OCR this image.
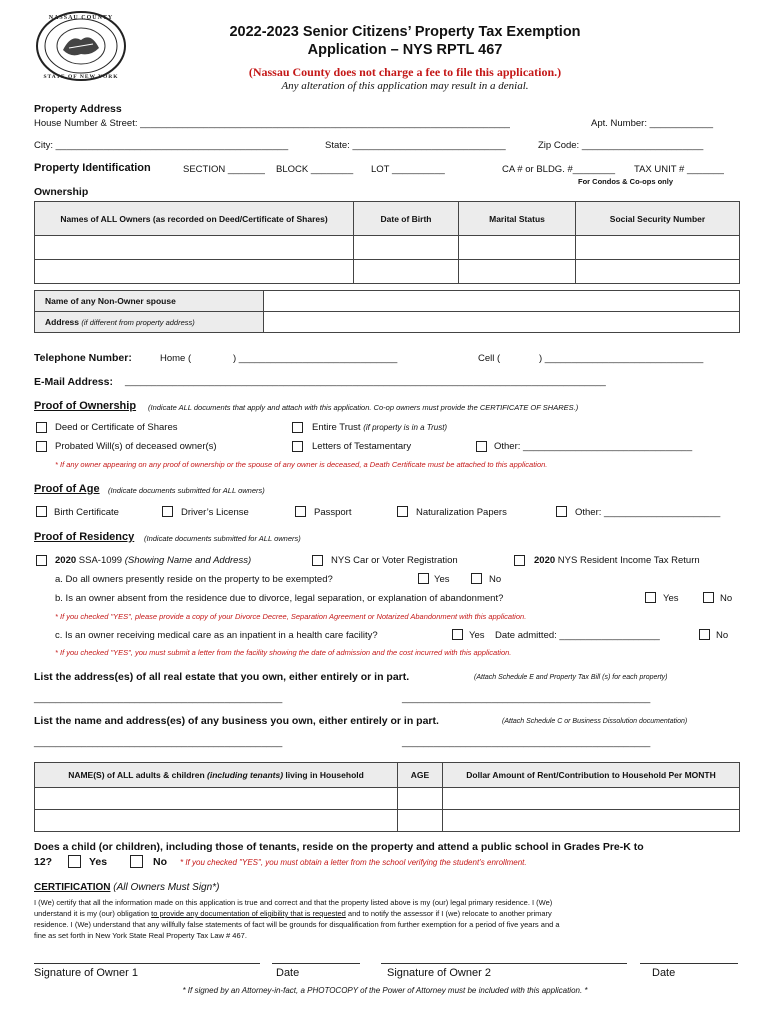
NASSAU COUNTY
STATE OF NEW YORK
2022-2023 Senior Citizens’ Property Tax Exemption
Application – NYS RPTL 467
(Nassau County does not charge a fee to file this application.)
Any alteration of this application may result in a denial.
Property Address
House Number & Street: ______________________________________________________________________	Apt. Number: ____________
City: ____________________________________________	State: _____________________________	Zip Code: _______________________
Property Identification	SECTION _______ BLOCK ________ LOT __________	CA # or BLDG. #________ TAX UNIT # _______
For Condos & Co-ops only
Ownership
Names of ALL Owners (as recorded on Deed/Certificate of Shares)	Date of Birth	Marital Status	Social Security Number

Name of any Non-Owner spouse	
Address (if different from property address)	
Telephone Number:	Home (	) ______________________________	Cell (	) ______________________________
E-Mail Address: ___________________________________________________________________________________________
Proof of Ownership (Indicate ALL documents that apply and attach with this application. Co-op owners must provide the CERTIFICATE OF SHARES.)
Deed or Certificate of Shares	Entire Trust (if property is in a Trust)
Probated Will(s) of deceased owner(s)	Letters of Testamentary	Other: ________________________________
* If any owner appearing on any proof of ownership or the spouse of any owner is deceased, a Death Certificate must be attached to this application.
Proof of Age (Indicate documents submitted for ALL owners)
Birth Certificate	Driver’s License	Passport	Naturalization Papers	Other: ______________________
Proof of Residency (Indicate documents submitted for ALL owners)
2020 SSA-1099 (Showing Name and Address)	NYS Car or Voter Registration	2020 NYS Resident Income Tax Return
a. Do all owners presently reside on the property to be exempted?	Yes	No
b. Is an owner absent from the residence due to divorce, legal separation, or explanation of abandonment?	Yes	No
* If you checked "YES", please provide a copy of your Divorce Decree, Separation Agreement or Notarized Abandonment with this application.
c. Is an owner receiving medical care as an inpatient in a health care facility?	Yes Date admitted: ___________________	No
* If you checked "YES", you must submit a letter from the facility showing the date of admission and the cost incurred with this application.
List the address(es) of all real estate that you own, either entirely or in part.	(Attach Schedule E and Property Tax Bill (s) for each property)
_______________________________________________	_______________________________________________
List the name and address(es) of any business you own, either entirely or in part.	(Attach Schedule C or Business Dissolution documentation)
_______________________________________________	_______________________________________________
NAME(S) of ALL adults & children (including tenants) living in Household	AGE	Dollar Amount of Rent/Contribution to Household Per MONTH

Does a child (or children), including those of tenants, reside on the property and attend a public school in Grades Pre-K to
12?	Yes	No * If you checked "YES", you must obtain a letter from the school verifying the student’s enrollment.
CERTIFICATION (All Owners Must Sign*)
I (We) certify that all the information made on this application is true and correct and that the property listed above is my (our) legal primary residence. I (We)
understand it is my (our) obligation to provide any documentation of eligibility that is requested and to notify the assessor if I (we) relocate to another primary
residence. I (We) understand that any willfully false statements of fact will be grounds for disqualification from further exemption for a period of five years and a
fine as set forth in New York State Real Property Tax Law # 467.
Signature of Owner 1	Date	Signature of Owner 2	Date
* If signed by an Attorney-in-fact, a PHOTOCOPY of the Power of Attorney must be included with this application. *
